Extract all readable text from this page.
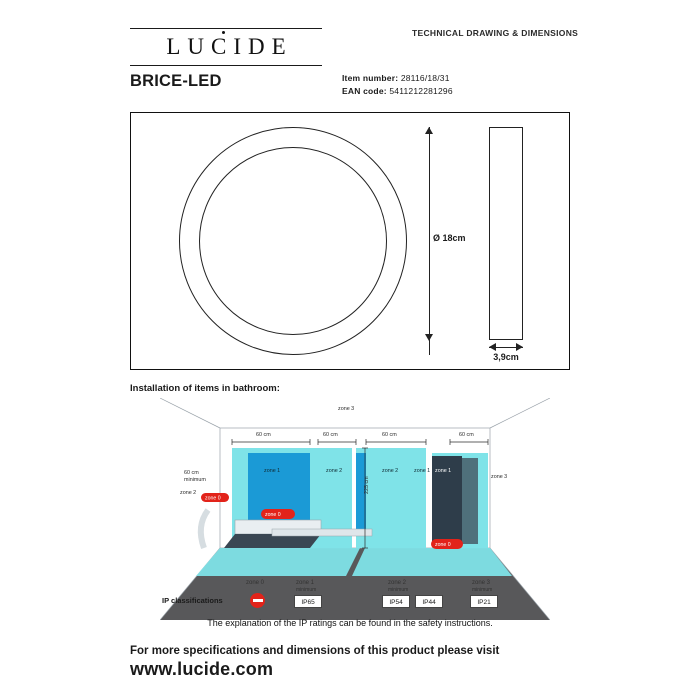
LUCIDE
TECHNICAL DRAWING & DIMENSIONS
BRICE-LED	Item number: 28116/18/31
EAN code: 5411212281296
Ø 18cm
3,9cm
Installation of items in bathroom:
zone 0
zone 0
zone 0
zone 3
60 cm	60 cm	60 cm	60 cm
60 cm
minimum
zone 2
zone 3
225 cm
zone 1	zone 2	zone 2	zone 1 zone 1
IP classifications
zone 0	zone 1
minimum
IP65
zone 2
minimum
IP54	IP44
zone 3
minimum
IP21
The explanation of the IP ratings can be found in the safety instructions.
For more specifications and dimensions of this product please visit
www.lucide.com
